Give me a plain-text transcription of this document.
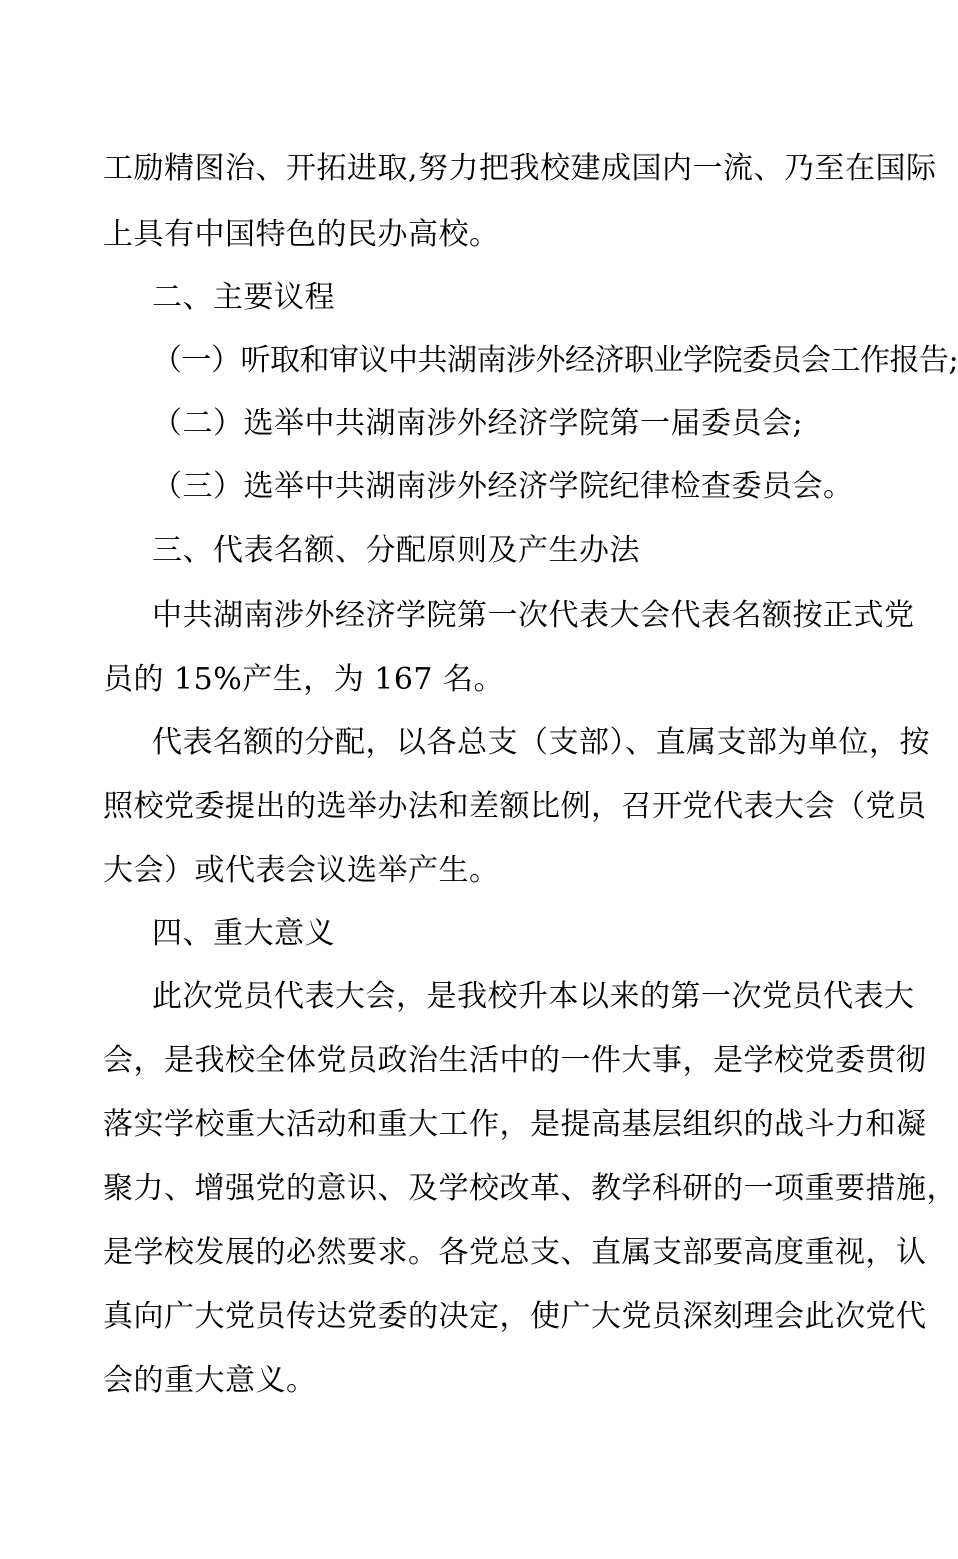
工励精图治、开拓进取,努力把我校建成国内一流、乃至在国际
上具有中国特色的民办高校。
二、主要议程
（一）听取和审议中共湖南涉外经济职业学院委员会工作报告;
（二）选举中共湖南涉外经济学院第一届委员会;
（三）选举中共湖南涉外经济学院纪律检查委员会。
三、代表名额、分配原则及产生办法
中共湖南涉外经济学院第一次代表大会代表名额按正式党
员的 15%产生，为 167 名。
代表名额的分配，以各总支（支部）、直属支部为单位，按
照校党委提出的选举办法和差额比例，召开党代表大会（党员
大会）或代表会议选举产生。
四、重大意义
此次党员代表大会，是我校升本以来的第一次党员代表大
会，是我校全体党员政治生活中的一件大事，是学校党委贯彻
落实学校重大活动和重大工作，是提高基层组织的战斗力和凝
聚力、增强党的意识、及学校改革、教学科研的一项重要措施，
是学校发展的必然要求。各党总支、直属支部要高度重视，认
真向广大党员传达党委的决定，使广大党员深刻理会此次党代
会的重大意义。
